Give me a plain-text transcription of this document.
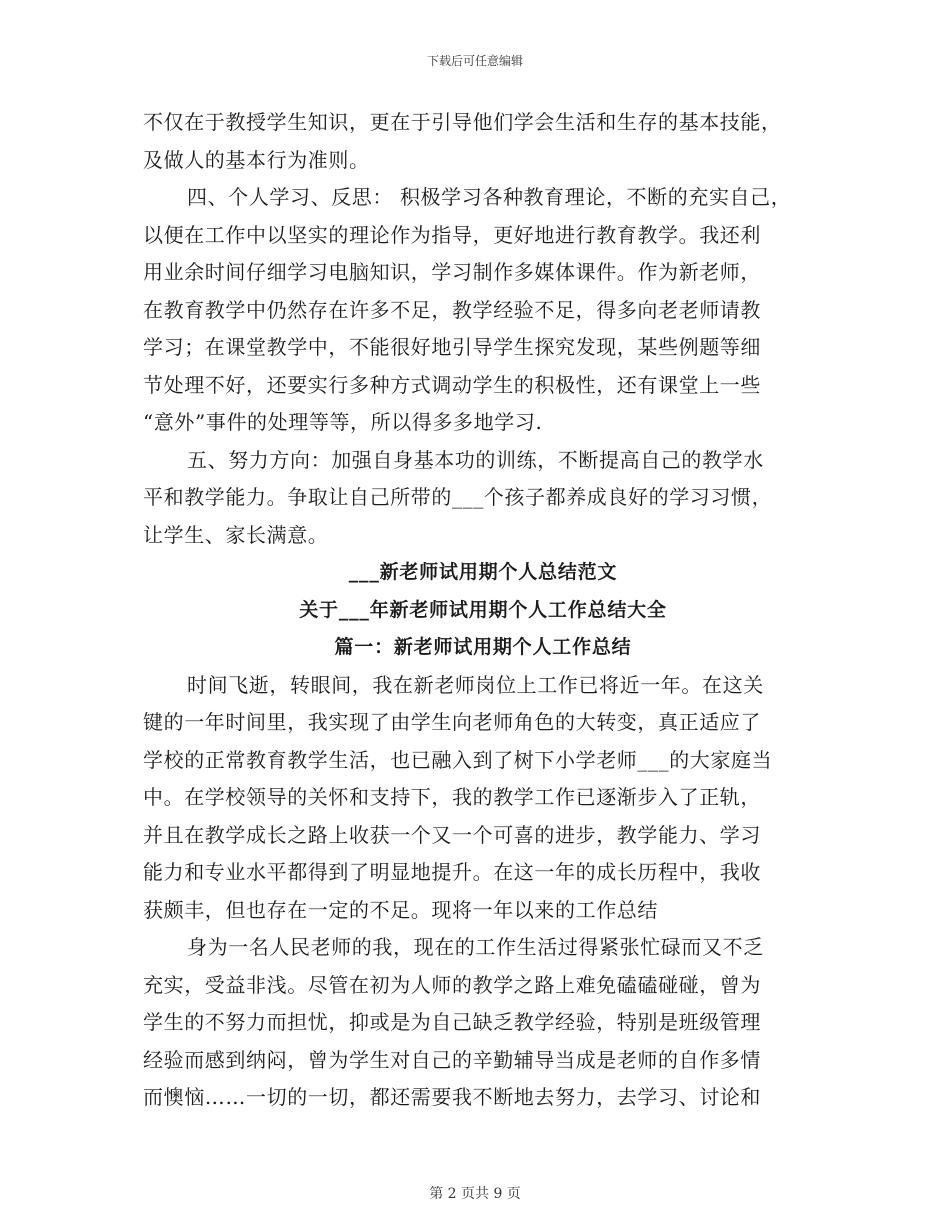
下载后可任意编辑
不仅在于教授学生知识，更在于引导他们学会生活和生存的基本技能，
及做人的基本行为准则。
四、个人学习、反思： 积极学习各种教育理论，不断的充实自己，
以便在工作中以坚实的理论作为指导，更好地进行教育教学。我还利
用业余时间仔细学习电脑知识，学习制作多媒体课件。作为新老师，
在教育教学中仍然存在许多不足，教学经验不足，得多向老老师请教
学习；在课堂教学中，不能很好地引导学生探究发现，某些例题等细
节处理不好，还要实行多种方式调动学生的积极性，还有课堂上一些
“意外”事件的处理等等，所以得多多地学习.
五、努力方向：加强自身基本功的训练，不断提高自己的教学水
平和教学能力。争取让自己所带的___个孩子都养成良好的学习习惯，
让学生、家长满意。
___新老师试用期个人总结范文
关于___年新老师试用期个人工作总结大全
篇一：新老师试用期个人工作总结
时间飞逝，转眼间，我在新老师岗位上工作已将近一年。在这关
键的一年时间里，我实现了由学生向老师角色的大转变，真正适应了
学校的正常教育教学生活，也已融入到了树下小学老师___的大家庭当
中。在学校领导的关怀和支持下，我的教学工作已逐渐步入了正轨，
并且在教学成长之路上收获一个又一个可喜的进步，教学能力、学习
能力和专业水平都得到了明显地提升。在这一年的成长历程中，我收
获颇丰，但也存在一定的不足。现将一年以来的工作总结
身为一名人民老师的我，现在的工作生活过得紧张忙碌而又不乏
充实，受益非浅。尽管在初为人师的教学之路上难免磕磕碰碰，曾为
学生的不努力而担忧，抑或是为自己缺乏教学经验，特别是班级管理
经验而感到纳闷，曾为学生对自己的辛勤辅导当成是老师的自作多情
而懊恼……一切的一切，都还需要我不断地去努力，去学习、讨论和
第 2 页共 9 页
